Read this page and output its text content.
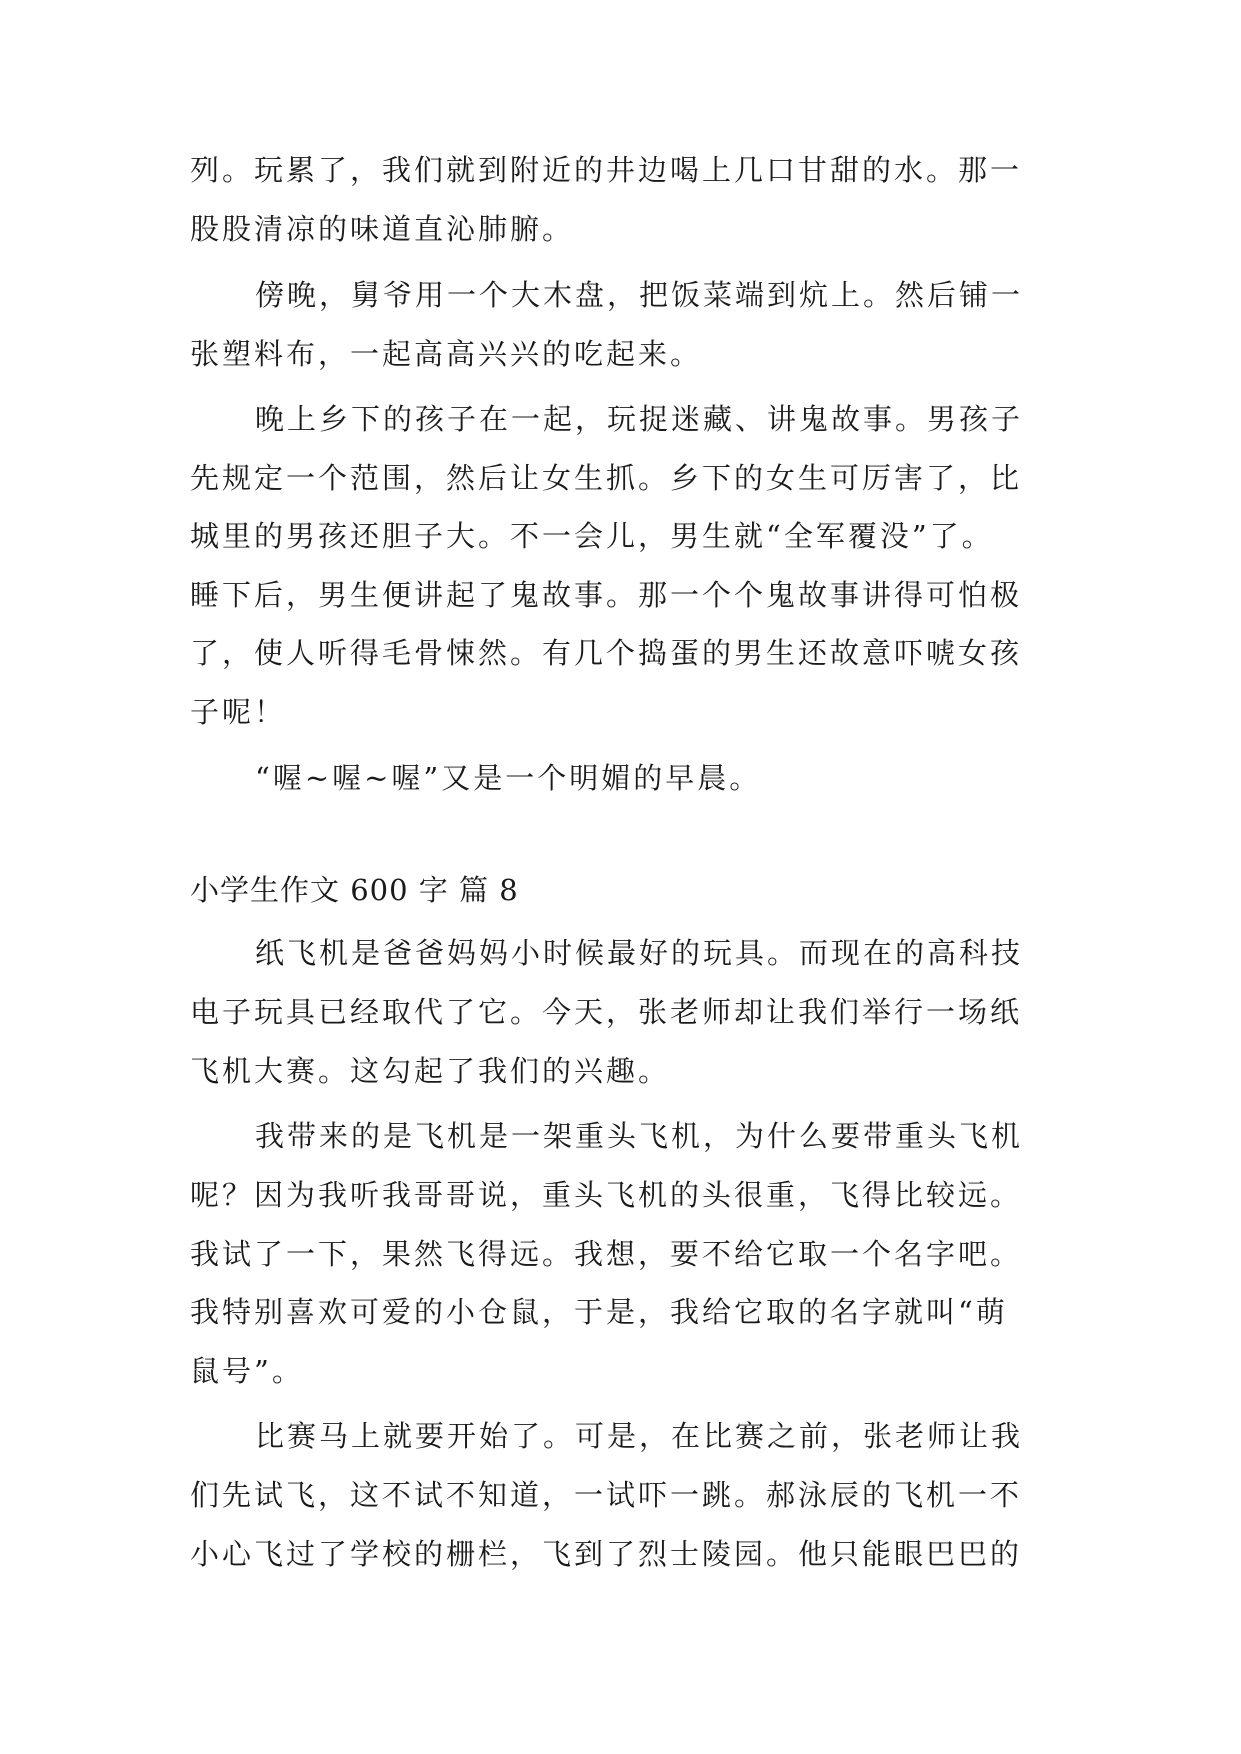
列。玩累了，我们就到附近的井边喝上几口甘甜的水。那一
股股清凉的味道直沁肺腑。
傍晚，舅爷用一个大木盘，把饭菜端到炕上。然后铺一
张塑料布，一起高高兴兴的吃起来。
晚上乡下的孩子在一起，玩捉迷藏、讲鬼故事。男孩子
先规定一个范围，然后让女生抓。乡下的女生可厉害了，比
城里的男孩还胆子大。不一会儿，男生就“全军覆没”了。
睡下后，男生便讲起了鬼故事。那一个个鬼故事讲得可怕极
了，使人听得毛骨悚然。有几个捣蛋的男生还故意吓唬女孩
子呢！
“喔~喔~喔”又是一个明媚的早晨。
小学生作文 600 字 篇 8
纸飞机是爸爸妈妈小时候最好的玩具。而现在的高科技
电子玩具已经取代了它。今天，张老师却让我们举行一场纸
飞机大赛。这勾起了我们的兴趣。
我带来的是飞机是一架重头飞机，为什么要带重头飞机
呢？因为我听我哥哥说，重头飞机的头很重，飞得比较远。
我试了一下，果然飞得远。我想，要不给它取一个名字吧。
我特别喜欢可爱的小仓鼠，于是，我给它取的名字就叫“萌
鼠号”。
比赛马上就要开始了。可是，在比赛之前，张老师让我
们先试飞，这不试不知道，一试吓一跳。郝泳辰的飞机一不
小心飞过了学校的栅栏，飞到了烈士陵园。他只能眼巴巴的
